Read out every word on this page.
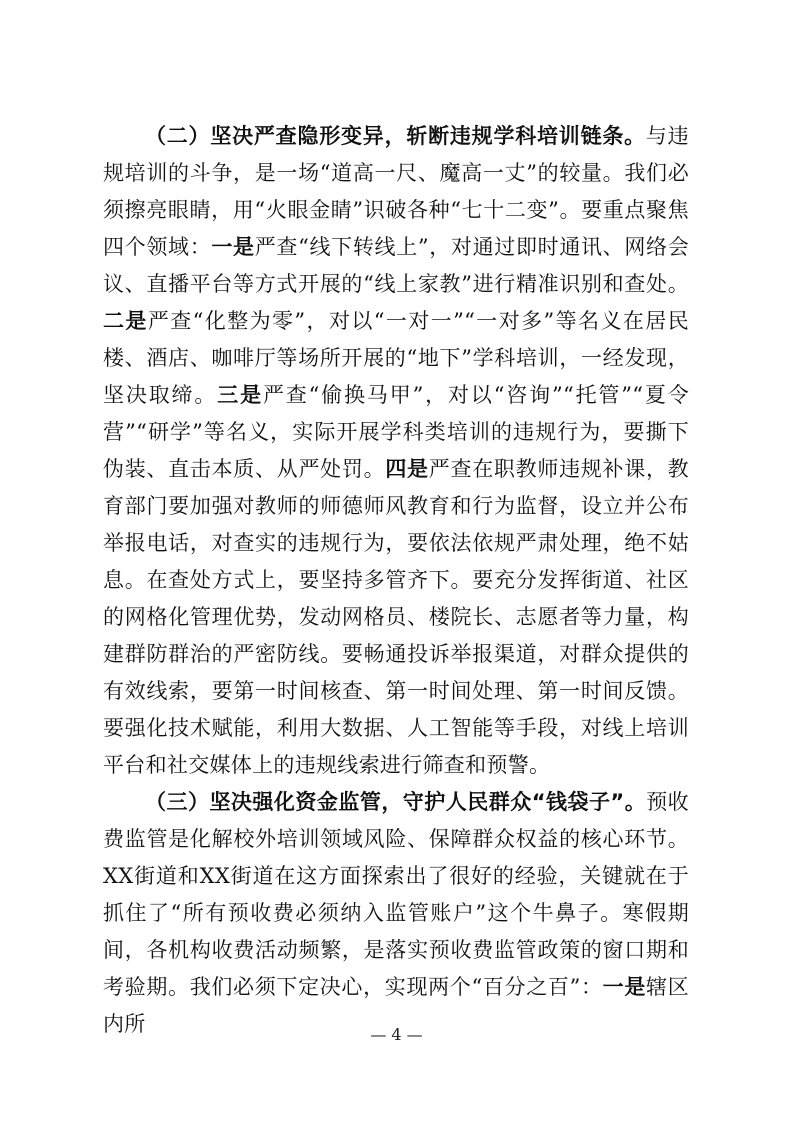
（二）坚决严查隐形变异，斩断违规学科培训链条。与违规培训的斗争，是一场“道高一尺、魔高一丈”的较量。我们必须擦亮眼睛，用“火眼金睛”识破各种“七十二变”。要重点聚焦四个领域：一是严查“线下转线上”，对通过即时通讯、网络会议、直播平台等方式开展的“线上家教”进行精准识别和查处。二是严查“化整为零”，对以“一对一”“一对多”等名义在居民楼、酒店、咖啡厅等场所开展的“地下”学科培训，一经发现，坚决取缔。三是严查“偷换马甲”，对以“咨询”“托管”“夏令营”“研学”等名义，实际开展学科类培训的违规行为，要撕下伪装、直击本质、从严处罚。四是严查在职教师违规补课，教育部门要加强对教师的师德师风教育和行为监督，设立并公布举报电话，对查实的违规行为，要依法依规严肃处理，绝不姑息。在查处方式上，要坚持多管齐下。要充分发挥街道、社区的网格化管理优势，发动网格员、楼院长、志愿者等力量，构建群防群治的严密防线。要畅通投诉举报渠道，对群众提供的有效线索，要第一时间核查、第一时间处理、第一时间反馈。要强化技术赋能，利用大数据、人工智能等手段，对线上培训平台和社交媒体上的违规线索进行筛查和预警。

（三）坚决强化资金监管，守护人民群众“钱袋子”。预收费监管是化解校外培训领域风险、保障群众权益的核心环节。XX街道和XX街道在这方面探索出了很好的经验，关键就在于抓住了“所有预收费必须纳入监管账户”这个牛鼻子。寒假期间，各机构收费活动频繁，是落实预收费监管政策的窗口期和考验期。我们必须下定决心，实现两个“百分之百”：一是辖区内所	— 4 —
